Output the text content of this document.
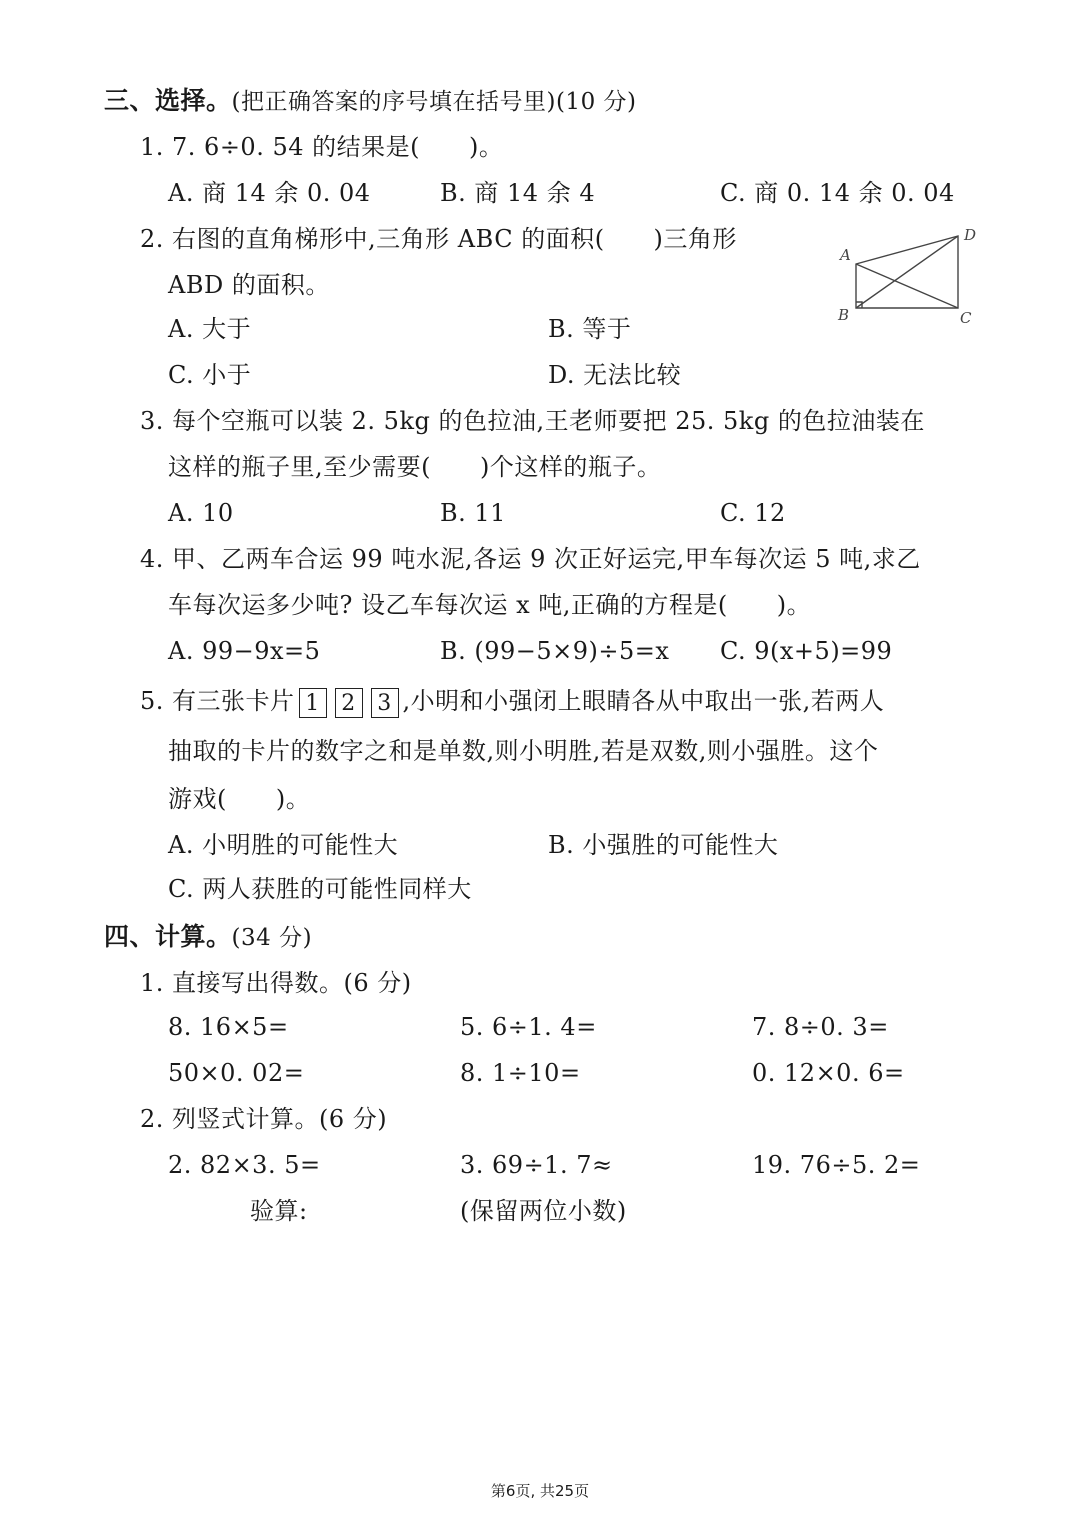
三、选择。(把正确答案的序号填在括号里)(10 分)
1. 7. 6÷0. 54 的结果是(　　)。
A. 商 14 余 0. 04	B. 商 14 余 4	C. 商 0. 14 余 0. 04
2. 右图的直角梯形中,三角形 ABC 的面积(　　)三角形
ABD 的面积。
A. 大于	B. 等于
C. 小于	D. 无法比较
A
B	C
D
3. 每个空瓶可以装 2. 5kg 的色拉油,王老师要把 25. 5kg 的色拉油装在
这样的瓶子里,至少需要(　　)个这样的瓶子。
A. 10	B. 11	C. 12
4. 甲、乙两车合运 99 吨水泥,各运 9 次正好运完,甲车每次运 5 吨,求乙
车每次运多少吨? 设乙车每次运 x 吨,正确的方程是(　　)。
A. 99−9x=5	B. (99−5×9)÷5=x C. 9(x+5)=99
5. 有三张卡片 1 2 3 ,小明和小强闭上眼睛各从中取出一张,若两人
抽取的卡片的数字之和是单数,则小明胜,若是双数,则小强胜。这个
游戏(　　)。
A. 小明胜的可能性大	B. 小强胜的可能性大
C. 两人获胜的可能性同样大
四、计算。(34 分)
1. 直接写出得数。(6 分)
8. 16×5=	5. 6÷1. 4=	7. 8÷0. 3=
50×0. 02=	8. 1÷10=	0. 12×0. 6=
2. 列竖式计算。(6 分)
2. 82×3. 5=	3. 69÷1. 7≈	19. 76÷5. 2=
验算:	(保留两位小数)
第6页, 共25页
